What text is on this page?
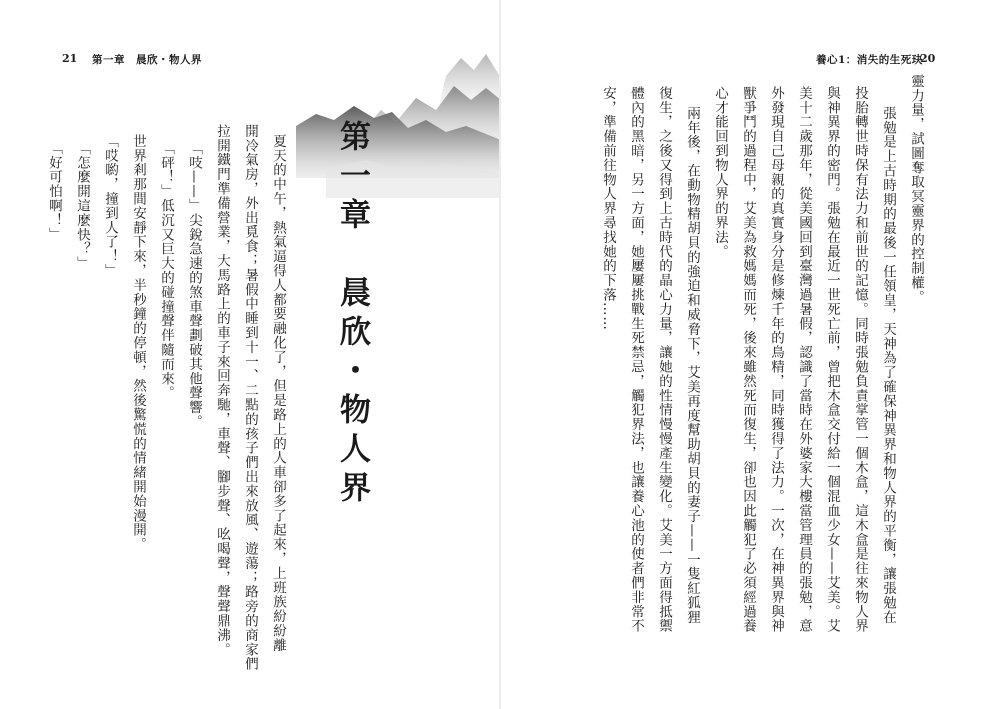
21 第一章　晨欣・物人界
第一章　晨欣・物人界
夏天的中午，熱氣逼得人都要融化了，但是路上的人車卻多了起來，上班族紛紛離
開冷氣房，外出覓食；暑假中睡到十一、二點的孩子們出來放風、遊蕩；路旁的商家們
拉開鐵門準備營業，大馬路上的車子來回奔馳，車聲、腳步聲、吆喝聲，聲聲鼎沸。
「吱——」尖銳急速的煞車聲劃破其他聲響。
「砰！」低沉又巨大的碰撞聲伴隨而來。
世界剎那間安靜下來，半秒鐘的停頓，然後驚慌的情緒開始漫開。
「哎喲，撞到人了！」
「怎麼開這麼快？」
「好可怕啊！」
養心1：消失的生死玦
20
靈力量，試圖奪取冥靈界的控制權。
張勉是上古時期的最後一任領皇，天神為了確保神異界和物人界的平衡，讓張勉在
投胎轉世時保有法力和前世的記憶。同時張勉負責掌管一個木盒，這木盒是往來物人界
與神異界的密門。張勉在最近一世死亡前，曾把木盒交付給一個混血少女——艾美。艾
美十二歲那年，從美國回到臺灣過暑假，認識了當時在外婆家大樓當管理員的張勉，意
外發現自己母親的真實身分是修煉千年的鳥精，同時獲得了法力。一次，在神異界與神
獸爭鬥的過程中，艾美為救媽媽而死，後來雖然死而復生，卻也因此觸犯了必須經過養
心才能回到物人界的界法。
兩年後，在動物精胡貝的強迫和威脅下，艾美再度幫助胡貝的妻子——一隻紅狐狸
復生，之後又得到上古時代的晶心力量，讓她的性情慢慢產生變化。艾美一方面得抵禦
體內的黑暗，另一方面，她屢屢挑戰生死禁忌，觸犯界法，也讓養心池的使者們非常不
安，準備前往物人界尋找她的下落……
